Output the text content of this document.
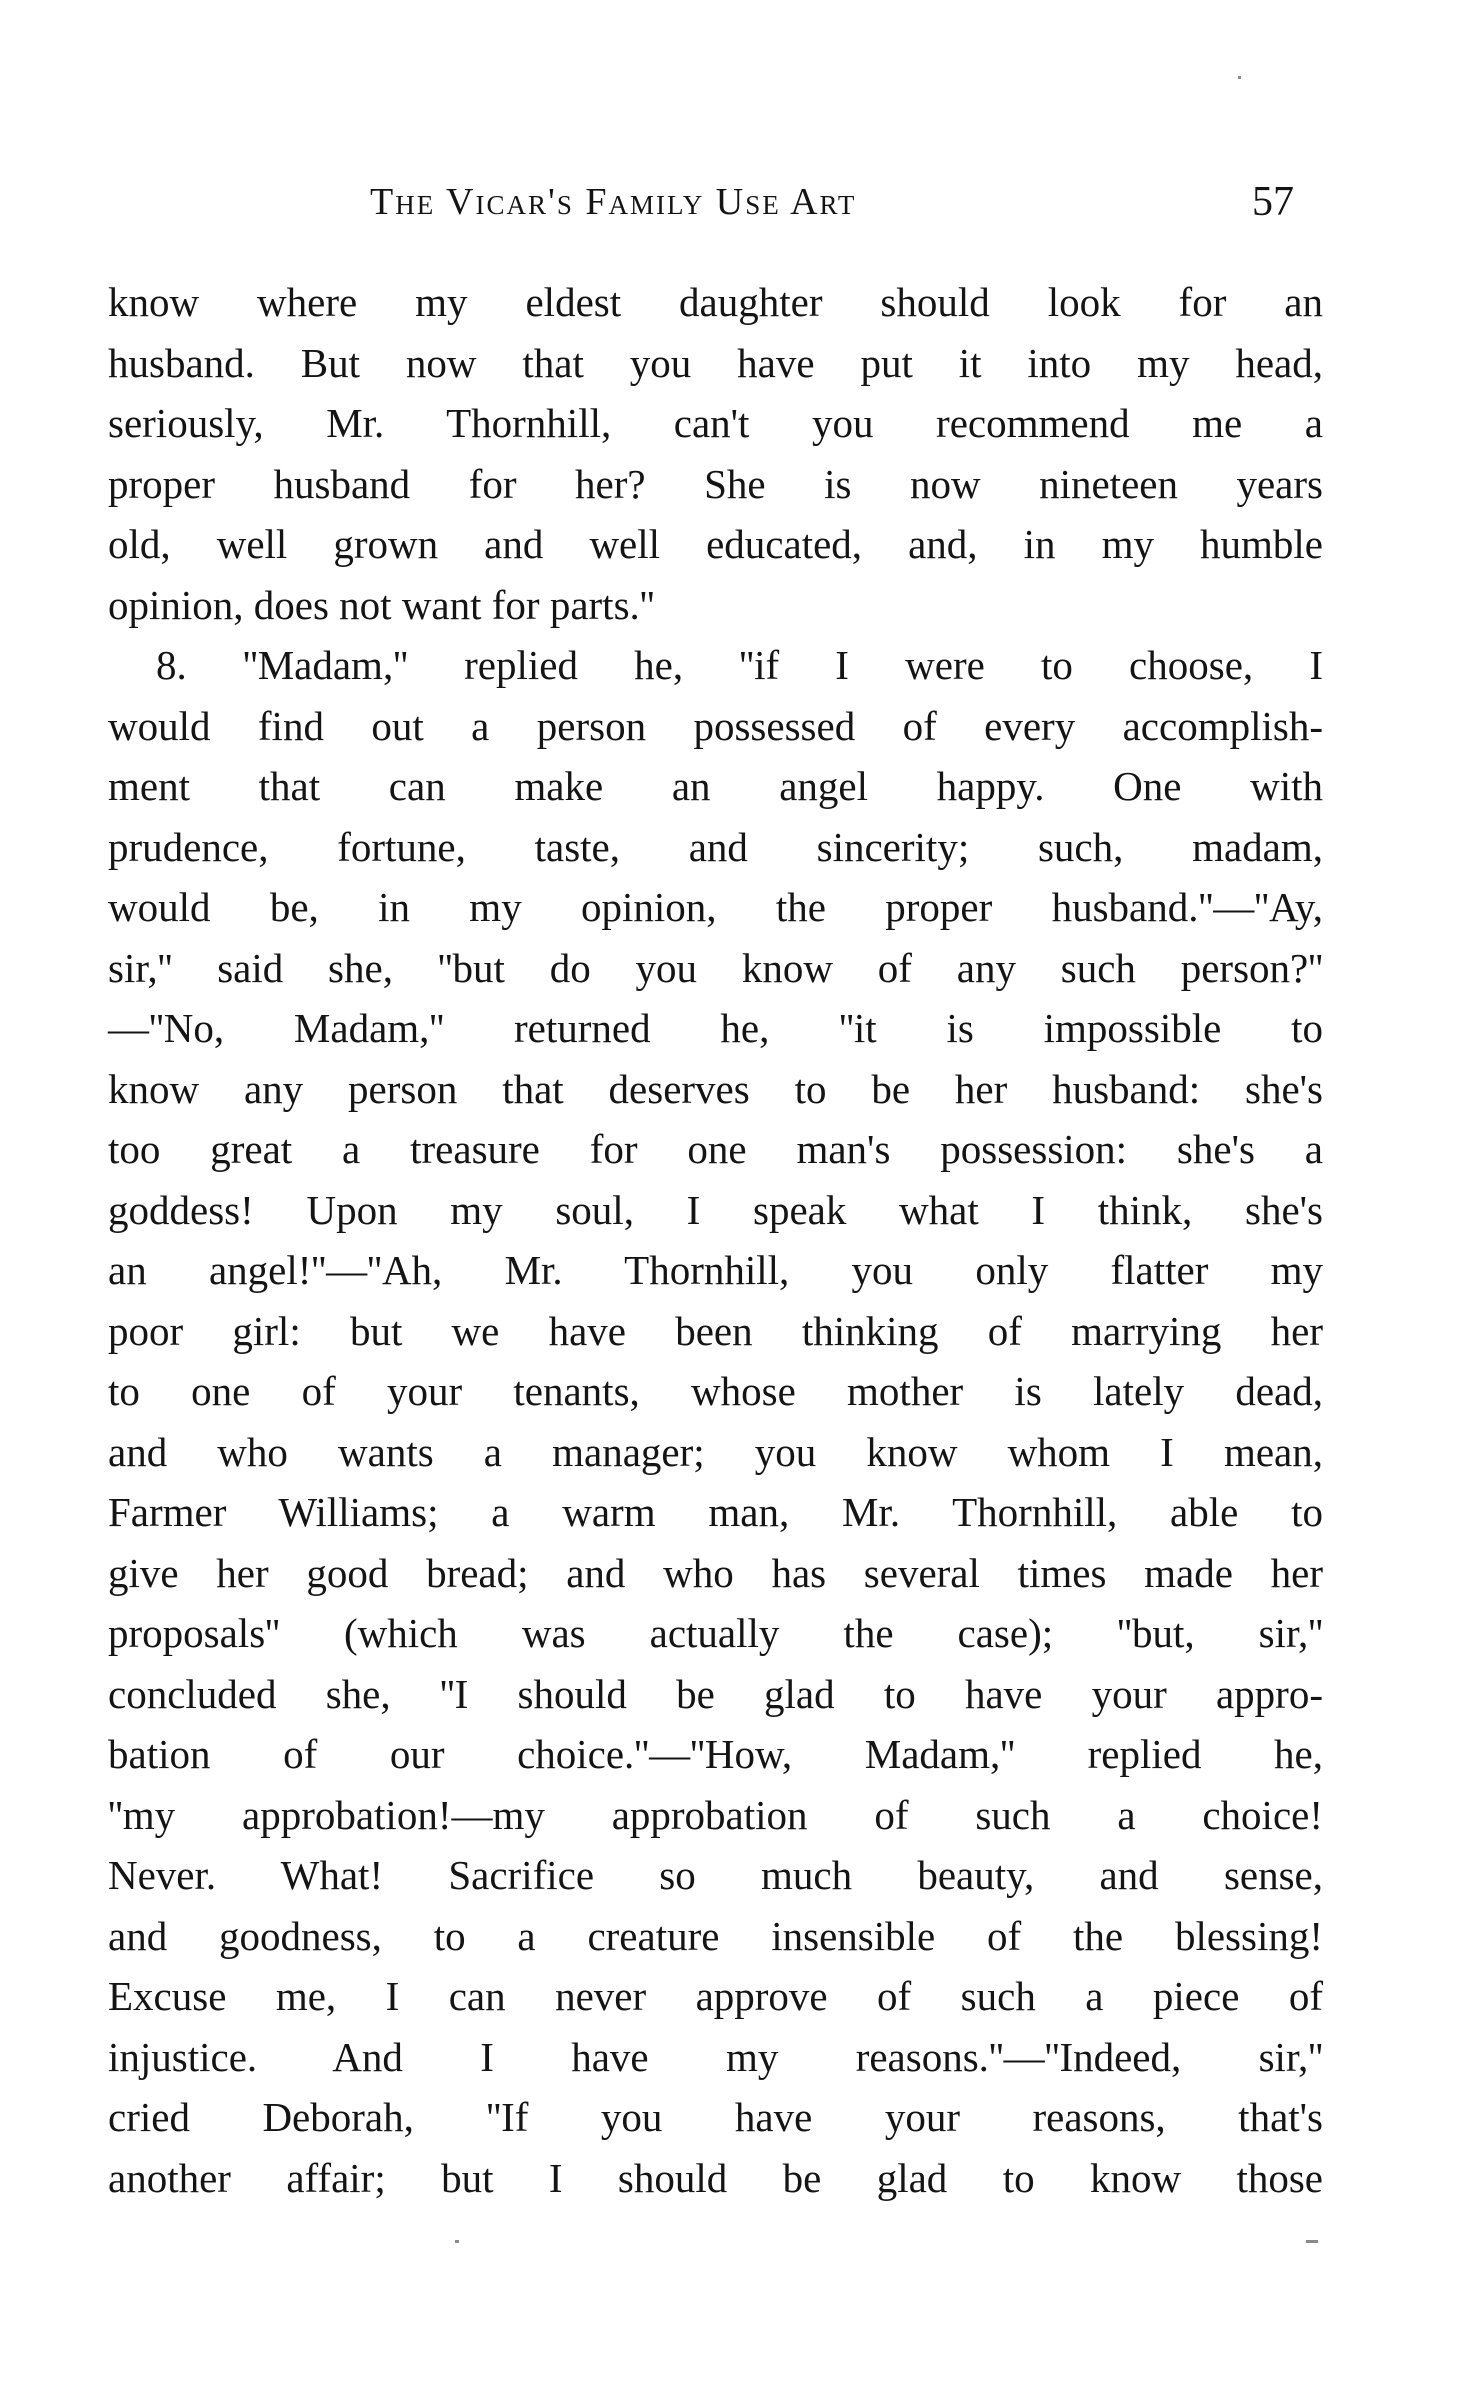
The Vicar's Family Use Art	57
know where my eldest daughter should look for an
husband. But now that you have put it into my head,
seriously, Mr. Thornhill, can't you recommend me a
proper husband for her? She is now nineteen years
old, well grown and well educated, and, in my humble
opinion, does not want for parts.''
8. ''Madam,'' replied he, ''if I were to choose, I
would find out a person possessed of every accomplish-
ment that can make an angel happy. One with
prudence, fortune, taste, and sincerity; such, madam,
would be, in my opinion, the proper husband.''—''Ay,
sir,'' said she, ''but do you know of any such person?''
—''No, Madam,'' returned he, ''it is impossible to
know any person that deserves to be her husband: she's
too great a treasure for one man's possession: she's a
goddess! Upon my soul, I speak what I think, she's
an angel!''—''Ah, Mr. Thornhill, you only flatter my
poor girl: but we have been thinking of marrying her
to one of your tenants, whose mother is lately dead,
and who wants a manager; you know whom I mean,
Farmer Williams; a warm man, Mr. Thornhill, able to
give her good bread; and who has several times made her
proposals'' (which was actually the case); ''but, sir,''
concluded she, ''I should be glad to have your appro-
bation of our choice.''—''How, Madam,'' replied he,
''my approbation!—my approbation of such a choice!
Never. What! Sacrifice so much beauty, and sense,
and goodness, to a creature insensible of the blessing!
Excuse me, I can never approve of such a piece of
injustice. And I have my reasons.''—''Indeed, sir,''
cried Deborah, ''If you have your reasons, that's
another affair; but I should be glad to know those
